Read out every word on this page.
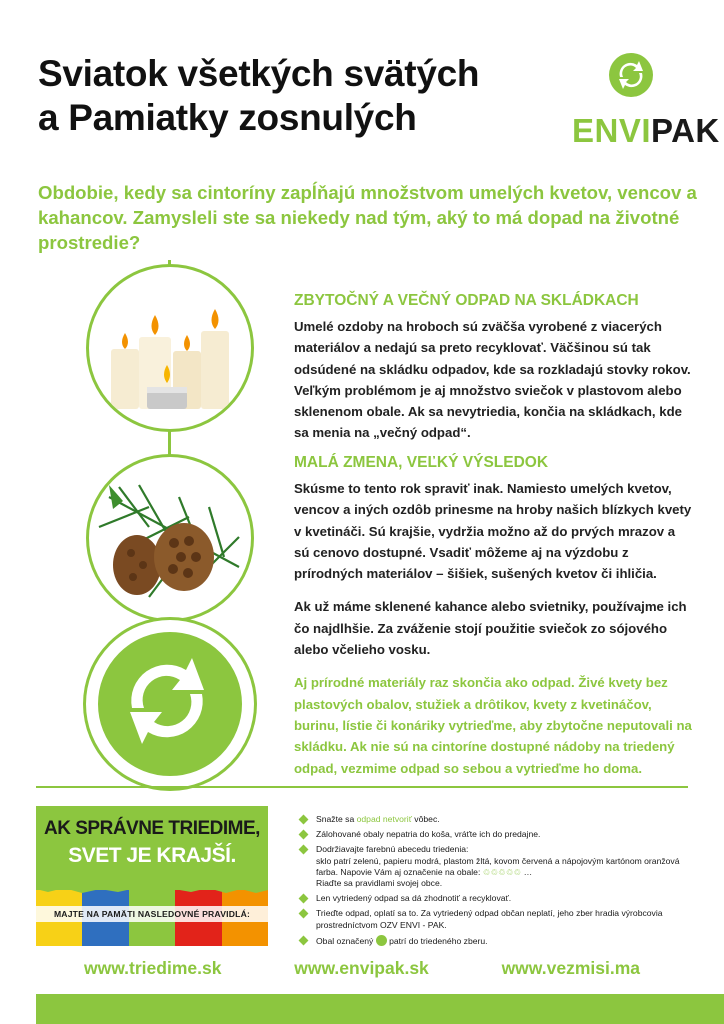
Sviatok všetkých svätých
a Pamiatky zosnulých	ENVIPAK
Obdobie, kedy sa cintoríny zapĺňajú množstvom umelých kvetov, vencov a kahancov. Zamysleli ste sa niekedy nad tým, aký to má dopad na životné prostredie?
ZBYTOČNÝ A VEČNÝ ODPAD NA SKLÁDKACH
Umelé ozdoby na hroboch sú zväčša vyrobené z viacerých materiálov a nedajú sa preto recyklovať. Väčšinou sú tak odsúdené na skládku odpadov, kde sa rozkladajú stovky rokov. Veľkým problémom je aj množstvo sviečok v plastovom alebo sklenenom obale. Ak sa nevytriedia, končia na skládkach, kde sa menia na „večný odpad“.
MALÁ ZMENA, VEĽKÝ VÝSLEDOK
Skúsme to tento rok spraviť inak. Namiesto umelých kvetov, vencov a iných ozdôb prinesme na hroby našich blízkych kvety v kvetináči. Sú krajšie, vydržia možno až do prvých mrazov a sú cenovo dostupné. Vsadiť môžeme aj na výzdobu z prírodných materiálov – šišiek, sušených kvetov či ihličia.
Ak už máme sklenené kahance alebo svietniky, používajme ich čo najdlhšie. Za zváženie stojí použitie sviečok zo sójového alebo včelieho vosku.
Aj prírodné materiály raz skončia ako odpad. Živé kvety bez plastových obalov, stužiek a drôtikov, kvety z kvetináčov, burinu, lístie či konáriky vytrieďme, aby zbytočne neputovali na skládku. Ak nie sú na cintoríne dostupné nádoby na triedený odpad, vezmime odpad so sebou a vytrieďme ho doma.
AK SPRÁVNE TRIEDIME,
SVET JE KRAJŠÍ.
MAJTE NA PAMÄTI NASLEDOVNÉ PRAVIDLÁ:
Snažte sa odpad netvoriť vôbec.
Zálohované obaly nepatria do koša, vráťte ich do predajne.
Dodržiavajte farebnú abecedu triedenia:
sklo patrí zelenú, papieru modrá, plastom žltá, kovom červená a nápojovým kartónom oranžová farba. Napovie Vám aj označenie na obale: ♲♲♲♲♲ …
Riaďte sa pravidlami svojej obce.
Len vytriedený odpad sa dá zhodnotiť a recyklovať.
Trieďte odpad, oplatí sa to. Za vytriedený odpad občan neplatí, jeho zber hradia výrobcovia prostredníctvom OZV ENVI - PAK.
Obal označený patrí do triedeného zberu.
www.triedime.sk	www.envipak.sk	www.vezmisi.ma
